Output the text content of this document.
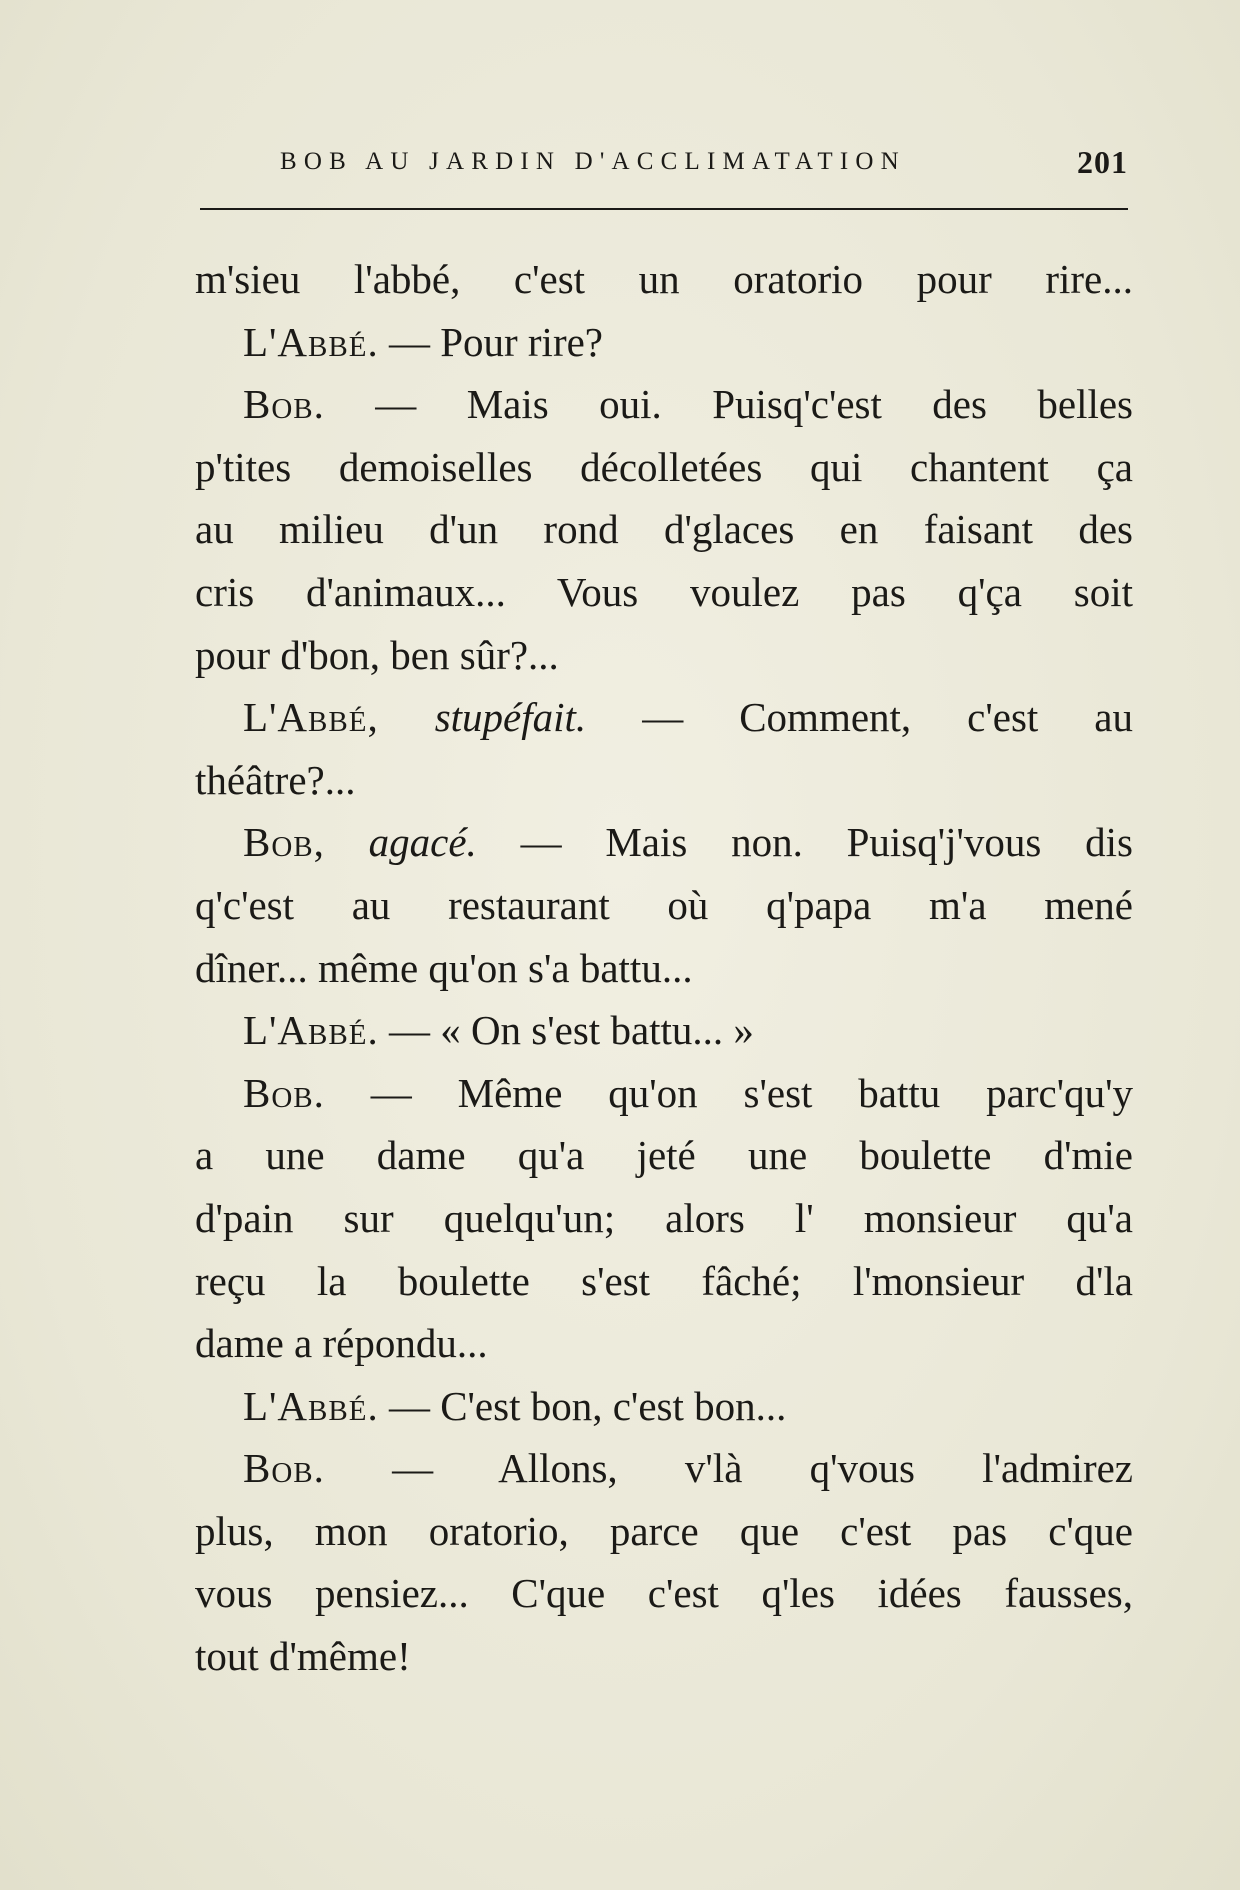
BOB AU JARDIN D'ACCLIMATATION	201
m'sieu l'abbé, c'est un oratorio pour rire...
L'Abbé. — Pour rire?
Bob. — Mais oui. Puisq'c'est des belles
p'tites demoiselles décolletées qui chantent ça
au milieu d'un rond d'glaces en faisant des
cris d'animaux... Vous voulez pas q'ça soit
pour d'bon, ben sûr?...
L'Abbé, stupéfait. — Comment, c'est au
théâtre?...
Bob, agacé. — Mais non. Puisq'j'vous dis
q'c'est au restaurant où q'papa m'a mené
dîner... même qu'on s'a battu...
L'Abbé. — « On s'est battu... »
Bob. — Même qu'on s'est battu parc'qu'y
a une dame qu'a jeté une boulette d'mie
d'pain sur quelqu'un; alors l' monsieur qu'a
reçu la boulette s'est fâché; l'monsieur d'la
dame a répondu...
L'Abbé. — C'est bon, c'est bon...
Bob. — Allons, v'là q'vous l'admirez
plus, mon oratorio, parce que c'est pas c'que
vous pensiez... C'que c'est q'les idées fausses,
tout d'même!
